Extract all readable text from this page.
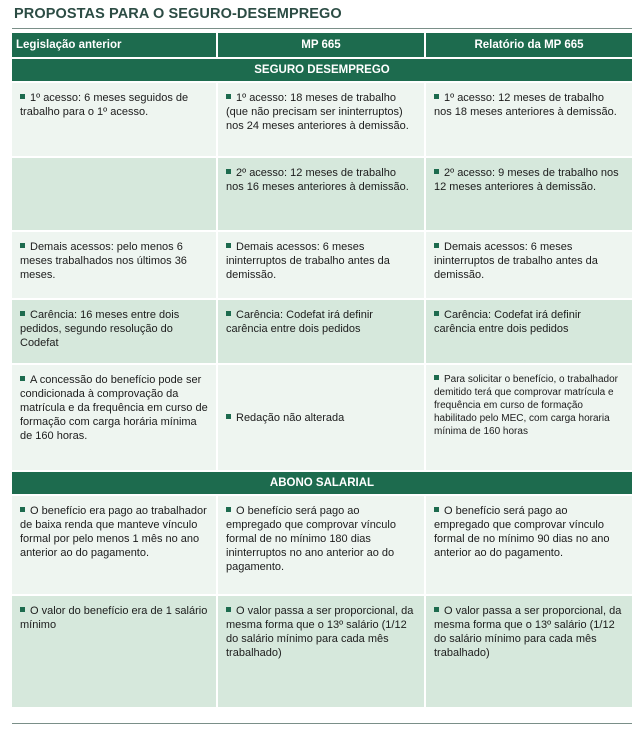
PROPOSTAS PARA O SEGURO-DESEMPREGO
Legislação anterior	MP 665	Relatório da MP 665
SEGURO DESEMPREGO		
1º acesso: 6 meses seguidos de trabalho para o 1º acesso.	1º acesso: 18 meses de trabalho (que não precisam ser ininterruptos) nos 24 meses anteriores à demissão.	1º acesso: 12 meses de trabalho nos 18 meses anteriores à demissão.
	2º acesso: 12 meses de trabalho nos 16 meses anteriores à demissão.	2º acesso: 9 meses de trabalho nos 12 meses anteriores à demissão.
Demais acessos: pelo menos 6 meses trabalhados nos últimos 36 meses.	Demais acessos: 6 meses ininterruptos de trabalho antes da demissão.	Demais acessos: 6 meses ininterruptos de trabalho antes da demissão.
Carência: 16 meses entre dois pedidos, segundo resolução do Codefat	Carência: Codefat irá definir carência entre dois pedidos	Carência: Codefat irá definir carência entre dois pedidos
A concessão do benefício pode ser condicionada à comprovação da matrícula e da frequência em curso de formação com carga horária mínima de 160 horas.	Redação não alterada	Para solicitar o benefício, o trabalhador demitido terá que comprovar matrícula e frequência em curso de formação habilitado pelo MEC, com carga horaria mínima de 160 horas
ABONO SALARIAL		
O benefício era pago ao trabalhador de baixa renda que manteve vínculo formal por pelo menos 1 mês no ano anterior ao do pagamento.	O benefício será pago ao empregado que comprovar vínculo formal de no mínimo 180 dias ininterruptos no ano anterior ao do pagamento.	O benefício será pago ao empregado que comprovar vínculo formal de no mínimo 90 dias no ano anterior ao do pagamento.
O valor do benefício era de 1 salário mínimo	O valor passa a ser proporcional, da mesma forma que o 13º salário (1/12 do salário mínimo para cada mês trabalhado)	O valor passa a ser proporcional, da mesma forma que o 13º salário (1/12 do salário mínimo para cada mês trabalhado)
